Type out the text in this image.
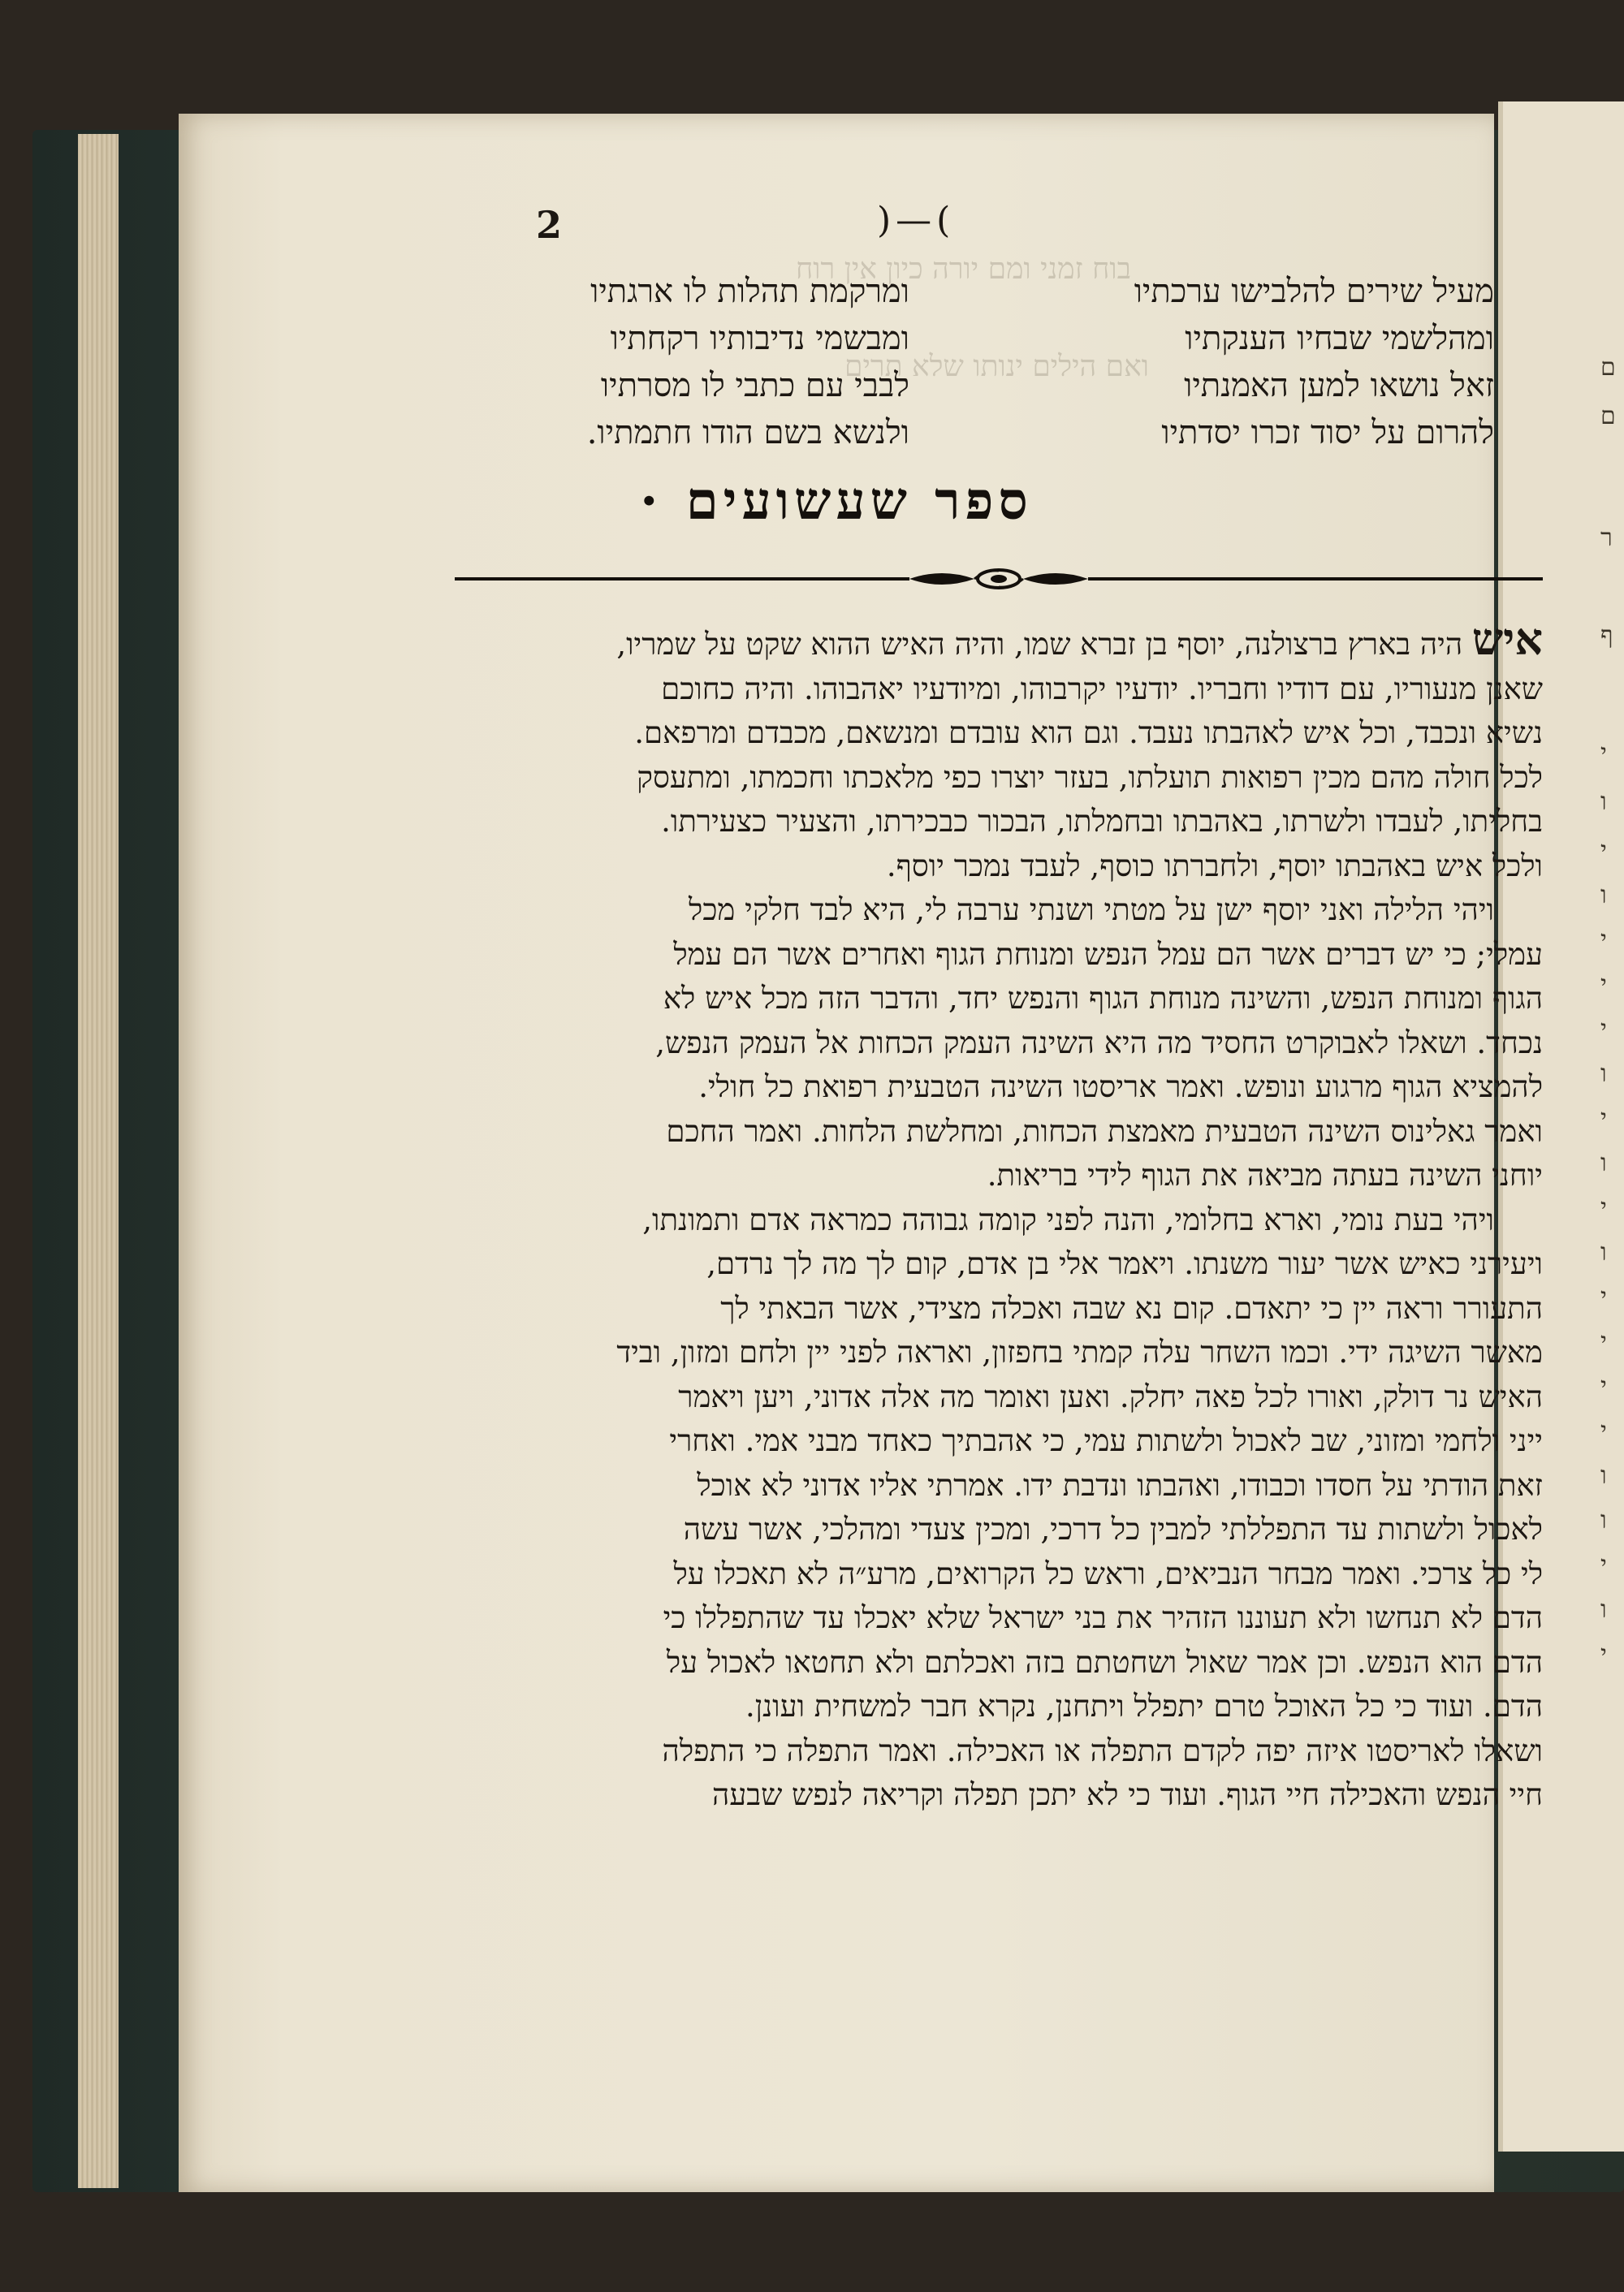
ם
ם
ר
ף
י
ו
י
ו
י
י
י
ו
י
ו
י
ו
י
י
י
י
ו
ו
י
ו
י
בוח זמני ומם יורה כיון אין רוח
ואם הילים ינותו שלא תרים
2	)—(
מעיל שירים להלבישו ערכתיו
ומהלשמי שבחיו הענקתיו
זאל נושאו למען האמנתיו
להרום על יסוד זכרו יסדתיו
ומרקמת תהלות לו ארגתיו
ומבשמי נדיבותיו רקחתיו
לבבי עם כתבי לו מסרתיו
ולנשא בשם הודו חתמתיו.
ספר שעשועים ·
איש היה בארץ ברצולנה, יוסף בן זברא שמו, והיה האיש ההוא שקט על שמריו,
שאנן מנעוריו, עם דודיו וחבריו. יודעיו יקרבוהו, ומיודעיו יאהבוהו. והיה כחוכם
נשיא ונכבד, וכל איש לאהבתו נעבד. וגם הוא עובדם ומנשאם, מכבדם ומרפאם.
לכל חולה מהם מכין רפואות תועלתו, בעזר יוצרו כפי מלאכתו וחכמתו, ומתעסק
בחליתו, לעבדו ולשרתו, באהבתו ובחמלתו, הבכור כבכירתו, והצעיר כצעירתו.
ולכל איש באהבתו יוסף, ולחברתו כוסף, לעבד נמכר יוסף.
ויהי הלילה ואני יוסף ישן על מטתי ושנתי ערבה לי, היא לבד חלקי מכל
עמלי; כי יש דברים אשר הם עמל הנפש ומנוחת הגוף ואחרים אשר הם עמל
הגוף ומנוחת הנפש, והשינה מנוחת הגוף והנפש יחד, והדבר הזה מכל איש לא
נכחד. ושאלו לאבוקרט החסיד מה היא השינה העמק הכחות אל העמק הנפש,
להמציא הגוף מרגוע ונופש. ואמר אריסטו השינה הטבעית רפואת כל חולי.
ואמר גאלינוס השינה הטבעית מאמצת הכחות, ומחלשת הלחות. ואמר החכם
יוחני השינה בעתה מביאה את הגוף לידי בריאות.
ויהי בעת נומי, וארא בחלומי, והנה לפני קומה גבוהה כמראה אדם ותמונתו,
ויעירני כאיש אשר יעור משנתו. ויאמר אלי בן אדם, קום לך מה לך נרדם,
התעורר וראה יין כי יתאדם. קום נא שבה ואכלה מצידי, אשר הבאתי לך
מאשר השיגה ידי. וכמו השחר עלה קמתי בחפזון, ואראה לפני יין ולחם ומזון, וביד
האיש נר דולק, ואורו לכל פאה יחלק. ואען ואומר מה אלה אדוני, ויען ויאמר
ייני ולחמי ומזוני, שב לאכול ולשתות עמי, כי אהבתיך כאחד מבני אמי. ואחרי
זאת הודתי על חסדו וכבודו, ואהבתו ונדבת ידו. אמרתי אליו אדוני לא אוכל
לאכול ולשתות עד התפללתי למבין כל דרכי, ומכין צעדי ומהלכי, אשר עשה
לי כל צרכי. ואמר מבחר הנביאים, וראש כל הקרואים, מרע״ה לא תאכלו על
הדם לא תנחשו ולא תעוננו הזהיר את בני ישראל שלא יאכלו עד שהתפללו כי
הדם הוא הנפש. וכן אמר שאול ושחטתם בזה ואכלתם ולא תחטאו לאכול על
הדם. ועוד כי כל האוכל טרם יתפלל ויתחנן, נקרא חבר למשחית ועונן.
ושאלו לאריסטו איזה יפה לקדם התפלה או האכילה. ואמר התפלה כי התפלה
חיי הנפש והאכילה חיי הגוף. ועוד כי לא יתכן תפלה וקריאה לנפש שבעה
